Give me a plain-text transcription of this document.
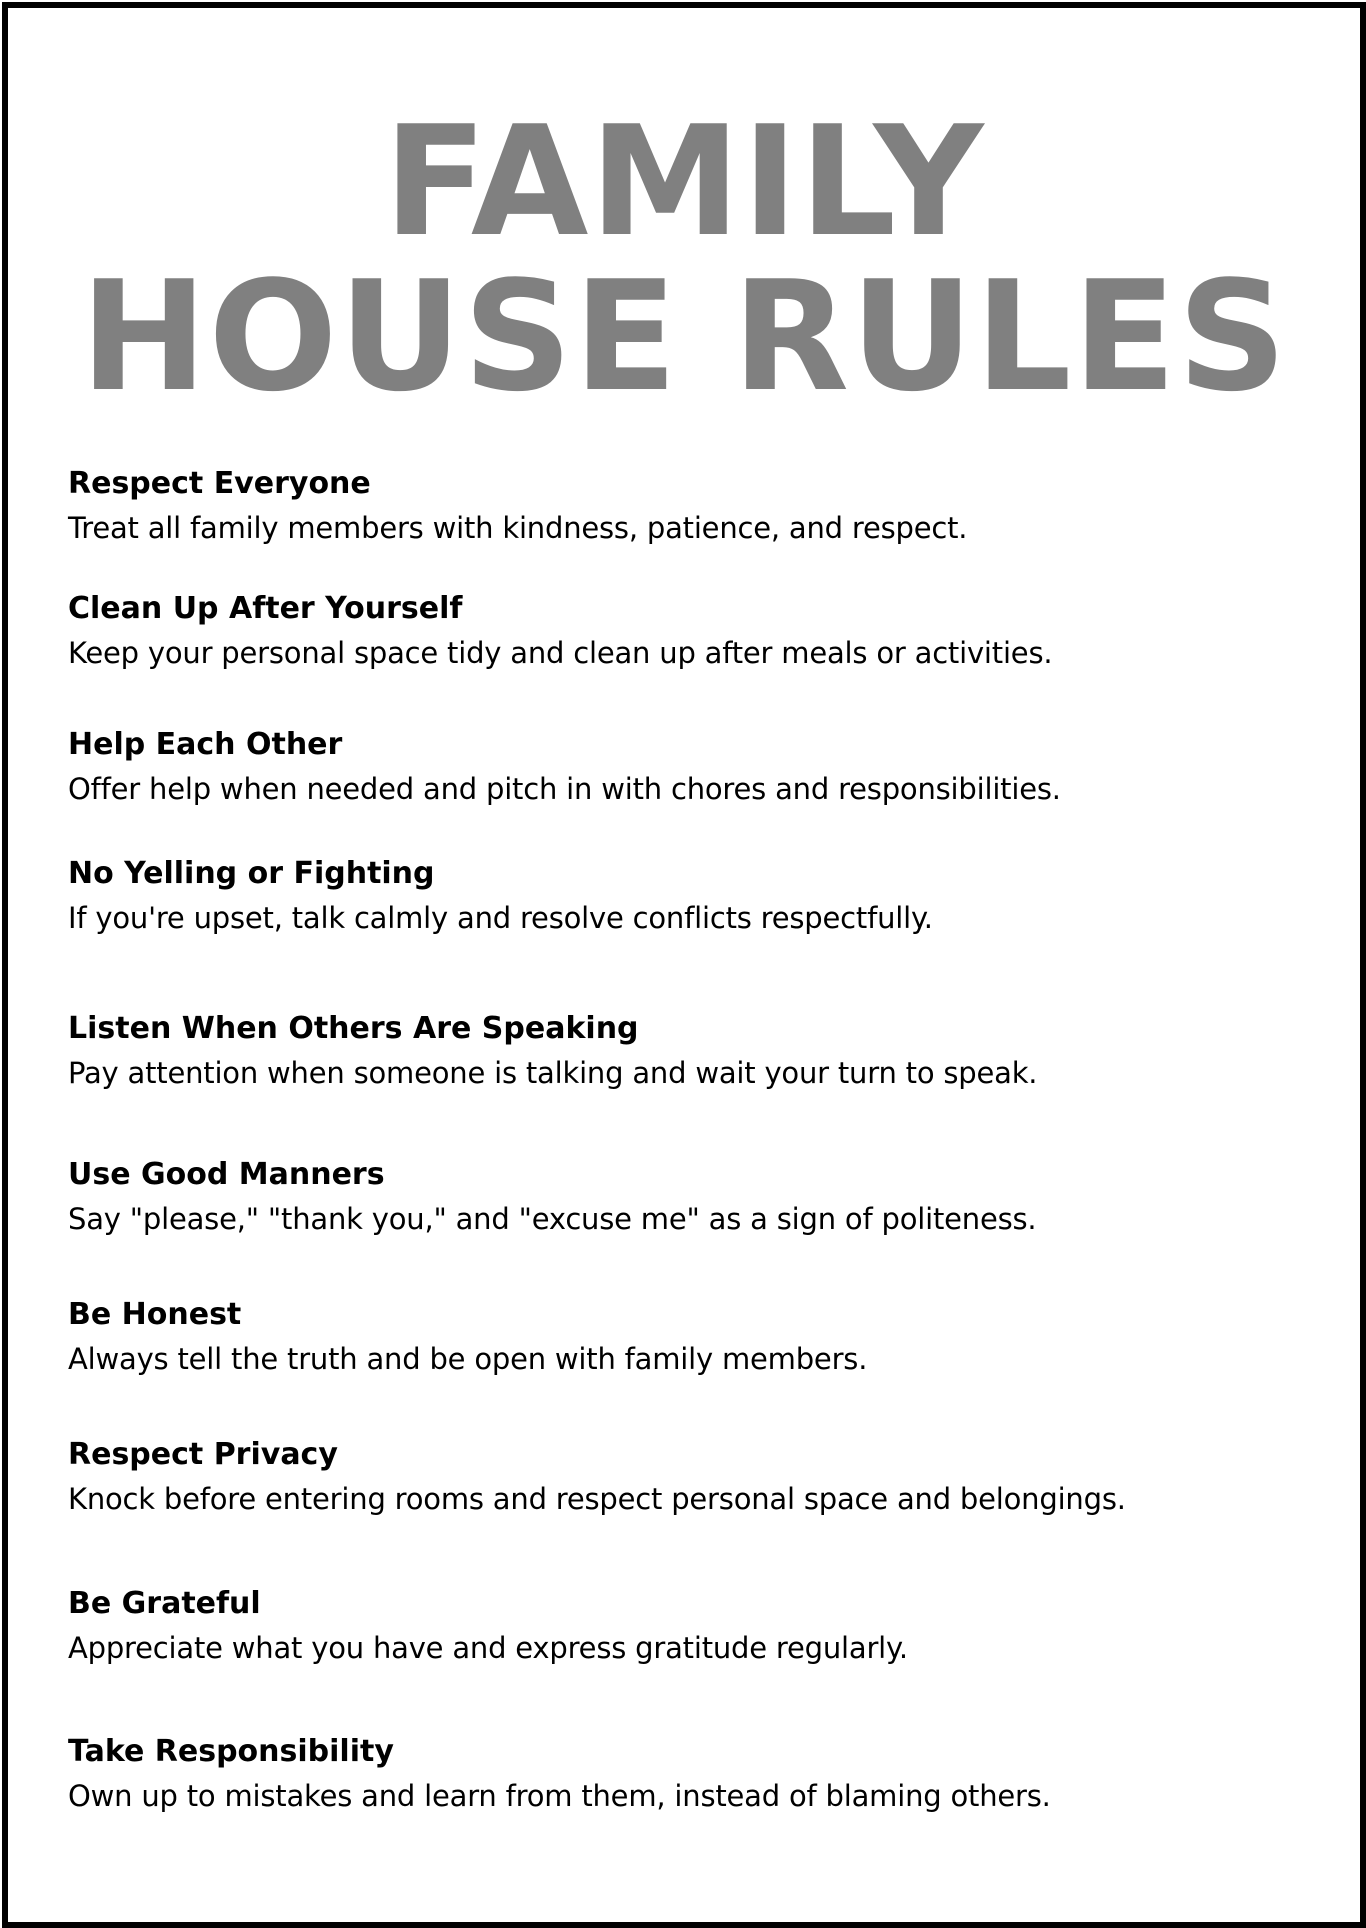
FAMILY
HOUSE RULES

Respect Everyone

Treat all family members with kindness, patience, and respect.

Clean Up After Yourself

Keep your personal space tidy and clean up after meals or activities.

Help Each Other

Offer help when needed and pitch in with chores and responsibilities.

No Yelling or Fighting

If you're upset, talk calmly and resolve conflicts respectfully.

Listen When Others Are Speaking

Pay attention when someone is talking and wait your turn to speak.

Use Good Manners

Say "please," "thank you," and "excuse me" as a sign of politeness.

Be Honest

Always tell the truth and be open with family members.

Respect Privacy

Knock before entering rooms and respect personal space and belongings.

Be Grateful

Appreciate what you have and express gratitude regularly.

Take Responsibility

Own up to mistakes and learn from them, instead of blaming others.
